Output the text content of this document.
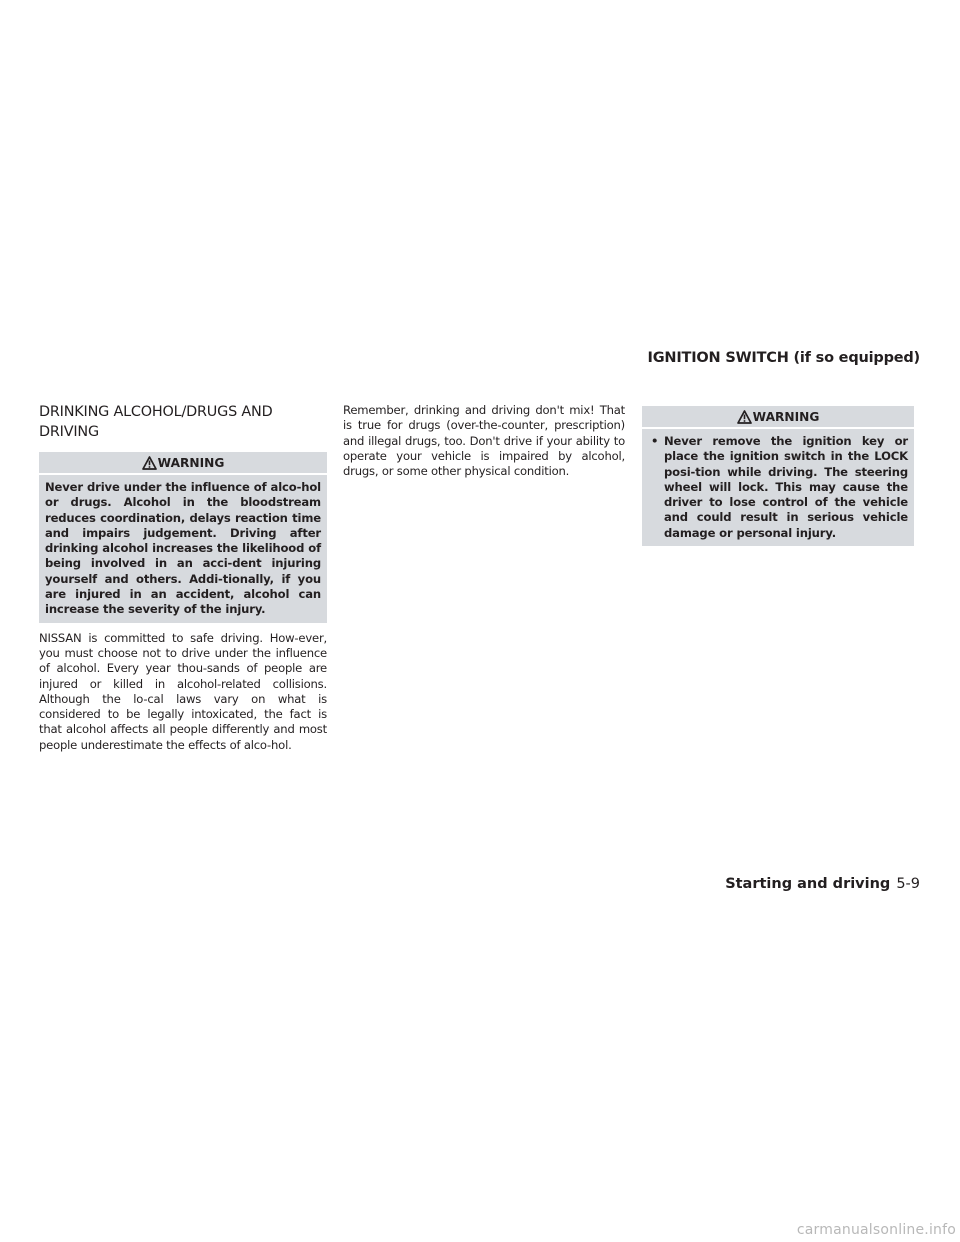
IGNITION SWITCH (if so equipped)
DRINKING ALCOHOL/DRUGS AND DRIVING
WARNING
Never drive under the influence of alco-hol or drugs. Alcohol in the bloodstream reduces coordination, delays reaction time and impairs judgement. Driving after drinking alcohol increases the likelihood of being involved in an acci-dent injuring yourself and others. Addi-tionally, if you are injured in an accident, alcohol can increase the severity of the injury.

NISSAN is committed to safe driving. How-ever, you must choose not to drive under the influence of alcohol. Every year thou-sands of people are injured or killed in alcohol-related collisions. Although the lo-cal laws vary on what is considered to be legally intoxicated, the fact is that alcohol affects all people differently and most people underestimate the effects of alco-hol.

Remember, drinking and driving don't mix! That is true for drugs (over-the-counter, prescription) and illegal drugs, too. Don't drive if your ability to operate your vehicle is impaired by alcohol, drugs, or some other physical condition.

WARNING
• Never remove the ignition key or place the ignition switch in the LOCK posi-tion while driving. The steering wheel will lock. This may cause the driver to lose control of the vehicle and could result in serious vehicle damage or personal injury.
Starting and driving 5-9
carmanualsonline.info
